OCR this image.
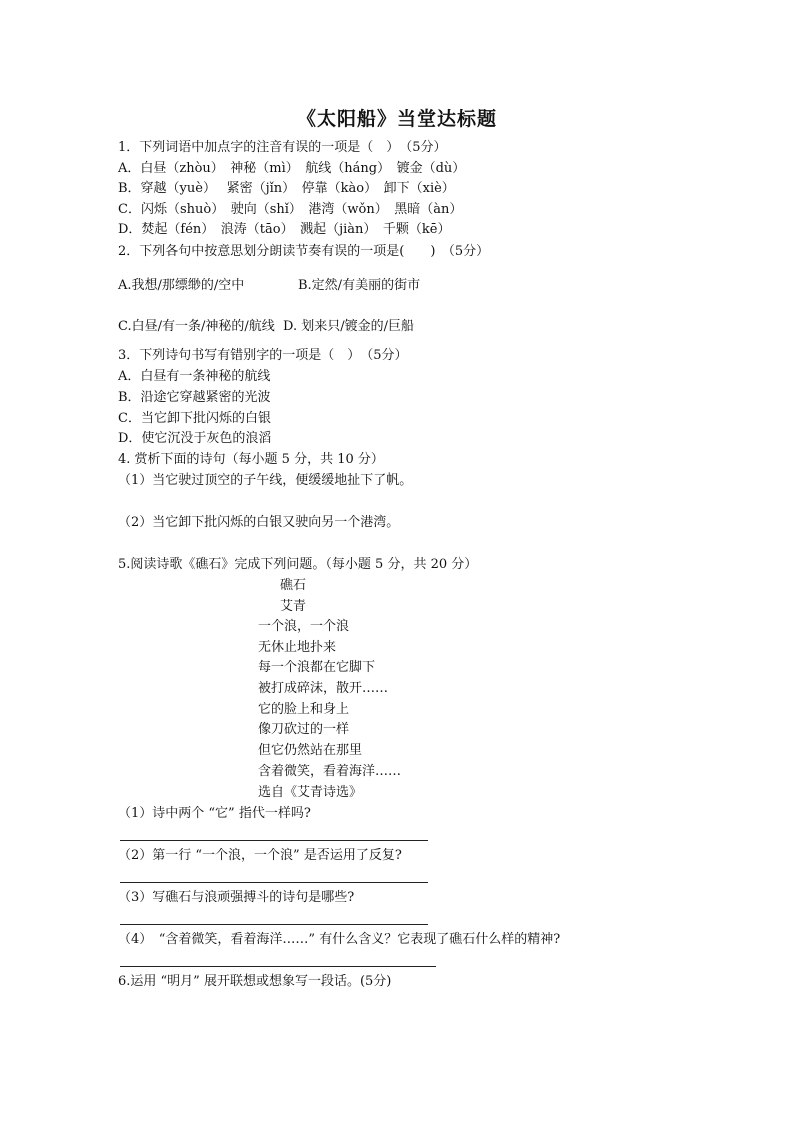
《太阳船》当堂达标题
1．下列词语中加点字的注音有误的一项是（　）　（5分）
A．白昼（zhòu）　神秘（mì）　航线（háng）　镀金（dù）
B．穿越（yuè）　 紧密（jǐn）　停靠（kào）　卸下（xiè）
C．闪烁（shuò）　驶向（shǐ）　港湾（wǒn）　黑暗（àn）
D．焚起（fén）　浪涛（tāo）　溅起（jiàn）　千颗（kē）
2．下列各句中按意思划分朗读节奏有误的一项是(　　)　（5分）
A.我想/那缥缈的/空中	B.定然/有美丽的街市
C.白昼/有一条/神秘的/航线  D. 划来只/镀金的/巨船
3．下列诗句书写有错别字的一项是（　）　（5分）
A．白昼有一条神秘的航线
B．沿途它穿越紧密的光波
C．当它卸下批闪烁的白银
D．使它沉没于灰色的浪滔
4. 赏析下面的诗句（每小题 5 分，共 10 分）
（1）当它驶过顶空的子午线，便缓缓地扯下了帆。
（2）当它卸下批闪烁的白银又驶向另一个港湾。
5.阅读诗歌《礁石》完成下列问题。（每小题 5 分，共 20 分）
礁石
艾青
一个浪，一个浪
无休止地扑来
每一个浪都在它脚下
被打成碎沫，散开……
它的脸上和身上
像刀砍过的一样
但它仍然站在那里
含着微笑，看着海洋……
选自《艾青诗选》
（1）诗中两个 “它” 指代一样吗?
（2）第一行 “一个浪，一个浪” 是否运用了反复?
（3）写礁石与浪顽强搏斗的诗句是哪些?
（4）　“含着微笑，看着海洋……” 有什么含义？它表现了礁石什么样的精神?
6.运用 “明月” 展开联想或想象写一段话。(5分)
